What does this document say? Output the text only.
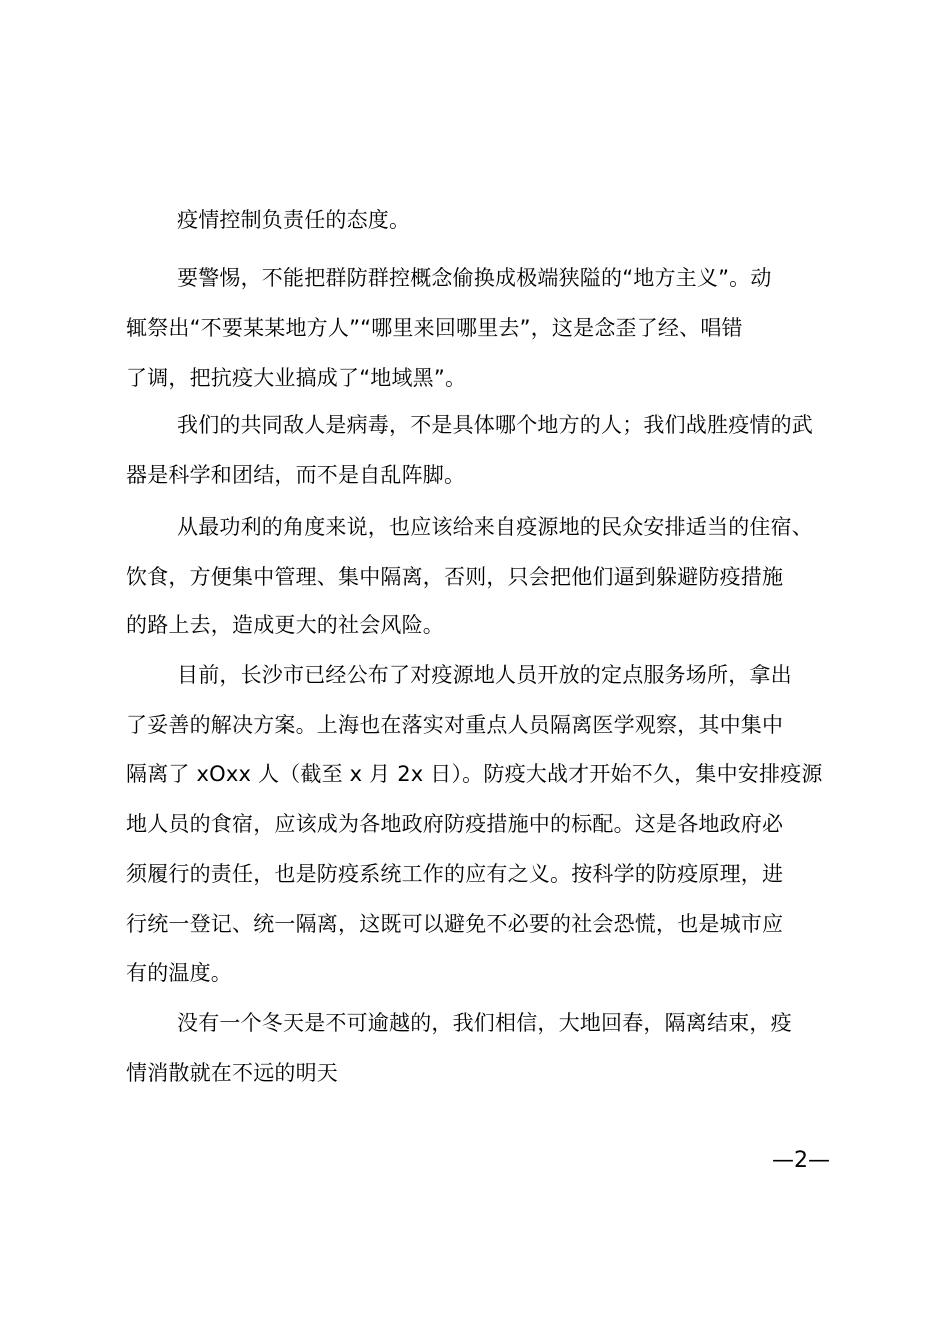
疫情控制负责任的态度。
要警惕，不能把群防群控概念偷换成极端狭隘的“地方主义”。动
辄祭出“不要某某地方人”“哪里来回哪里去”，这是念歪了经、唱错
了调，把抗疫大业搞成了“地域黑”。
我们的共同敌人是病毒，不是具体哪个地方的人；我们战胜疫情的武
器是科学和团结，而不是自乱阵脚。
从最功利的角度来说，也应该给来自疫源地的民众安排适当的住宿、
饮食，方便集中管理、集中隔离，否则，只会把他们逼到躲避防疫措施
的路上去，造成更大的社会风险。
目前，长沙市已经公布了对疫源地人员开放的定点服务场所，拿出
了妥善的解决方案。上海也在落实对重点人员隔离医学观察，其中集中
隔离了 xOxx 人（截至 x 月 2x 日）。防疫大战才开始不久，集中安排疫源
地人员的食宿，应该成为各地政府防疫措施中的标配。这是各地政府必
须履行的责任，也是防疫系统工作的应有之义。按科学的防疫原理，进
行统一登记、统一隔离，这既可以避免不必要的社会恐慌，也是城市应
有的温度。
没有一个冬天是不可逾越的，我们相信，大地回春，隔离结束，疫
情消散就在不远的明天
—2—
